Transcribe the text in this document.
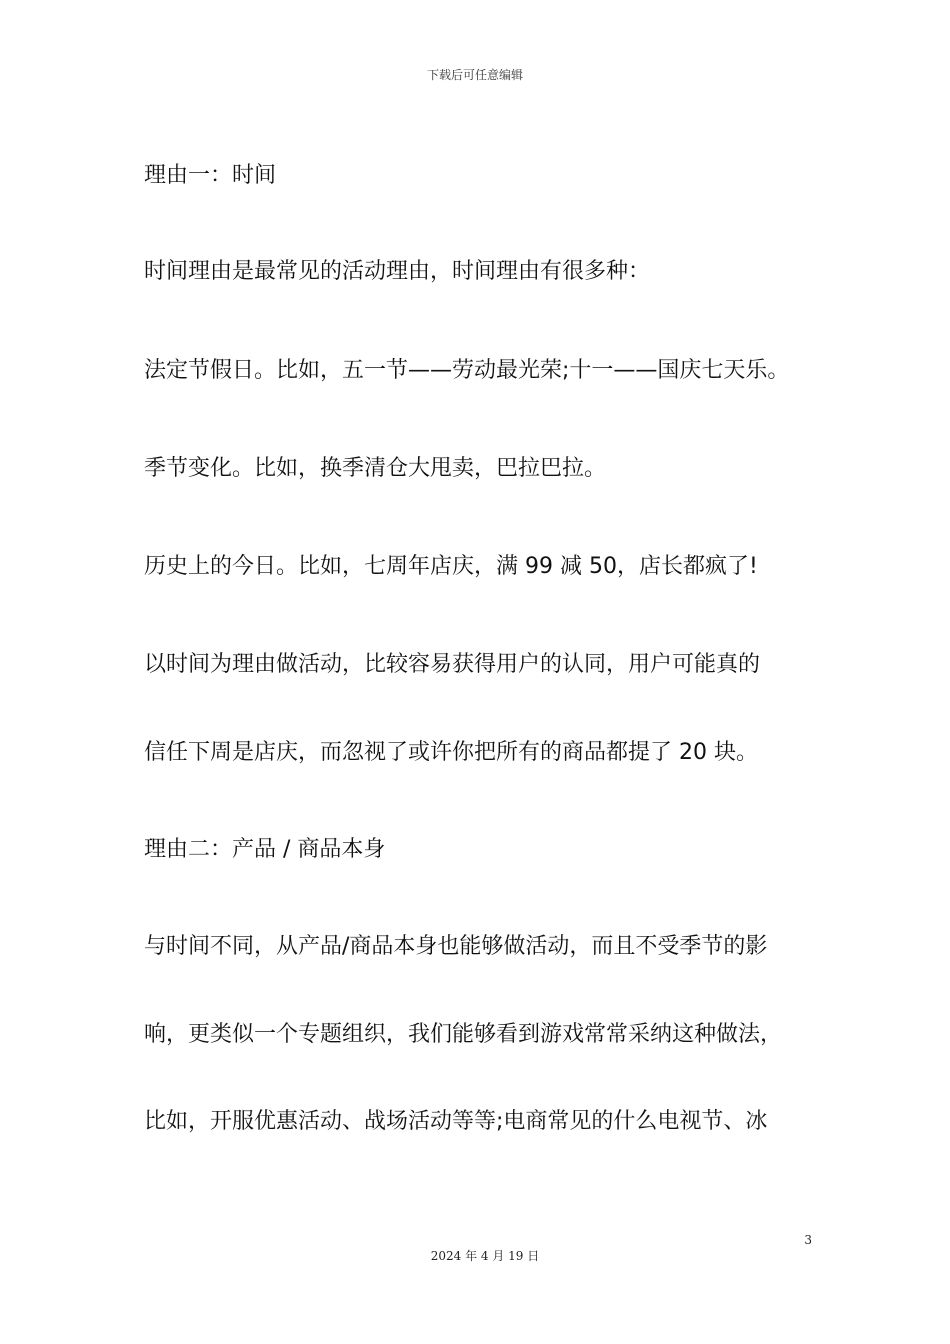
下载后可任意编辑
理由一：时间
时间理由是最常见的活动理由，时间理由有很多种：
法定节假日。比如，五一节——劳动最光荣;十一——国庆七天乐。
季节变化。比如，换季清仓大甩卖，巴拉巴拉。
历史上的今日。比如，七周年店庆，满 99 减 50，店长都疯了!
以时间为理由做活动，比较容易获得用户的认同，用户可能真的
信任下周是店庆，而忽视了或许你把所有的商品都提了 20 块。
理由二：产品 / 商品本身
与时间不同，从产品/商品本身也能够做活动，而且不受季节的影
响，更类似一个专题组织，我们能够看到游戏常常采纳这种做法，
比如，开服优惠活动、战场活动等等;电商常见的什么电视节、冰
3
2024 年 4 月 19 日
